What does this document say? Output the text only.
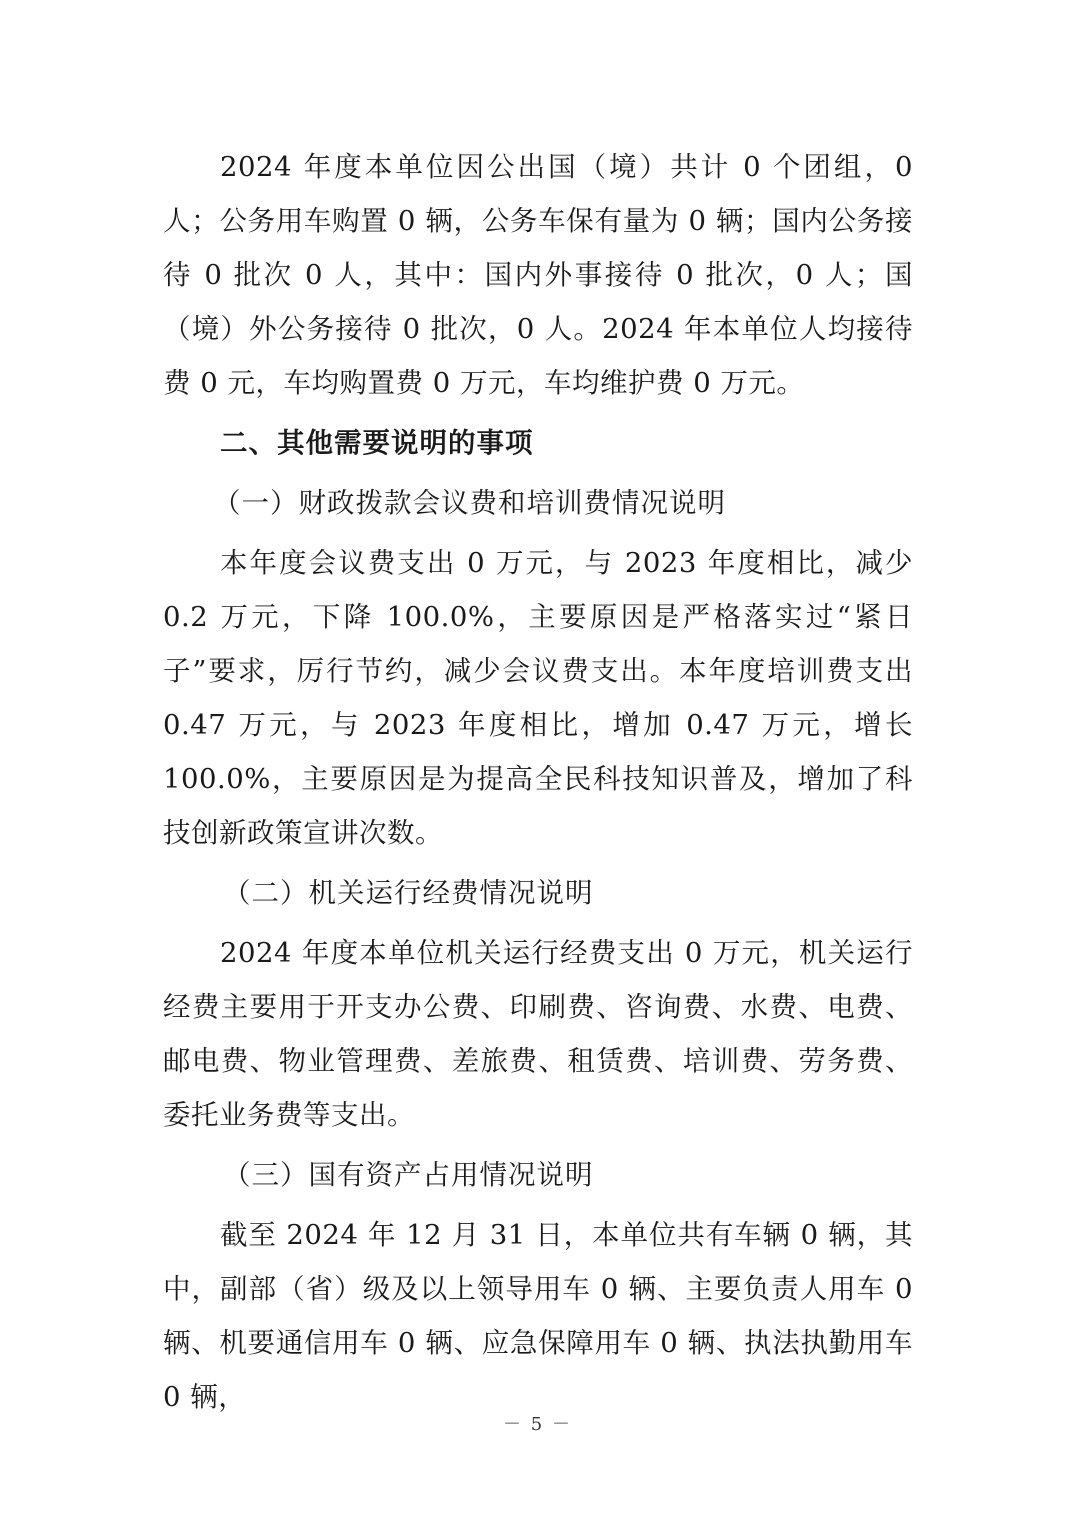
2024 年度本单位因公出国（境）共计 0 个团组，0 人；公务用车购置 0 辆，公务车保有量为 0 辆；国内公务接待 0 批次 0 人，其中：国内外事接待 0 批次，0 人；国（境）外公务接待 0 批次，0 人。2024 年本单位人均接待费 0 元，车均购置费 0 万元，车均维护费 0 万元。

二、其他需要说明的事项

（一）财政拨款会议费和培训费情况说明

本年度会议费支出 0 万元，与 2023 年度相比，减少 0.2 万元，下降 100.0%，主要原因是严格落实过“紧日子”要求，厉行节约，减少会议费支出。本年度培训费支出 0.47 万元，与 2023 年度相比，增加 0.47 万元，增长 100.0%，主要原因是为提高全民科技知识普及，增加了科技创新政策宣讲次数。

（二）机关运行经费情况说明

2024 年度本单位机关运行经费支出 0 万元，机关运行经费主要用于开支办公费、印刷费、咨询费、水费、电费、邮电费、物业管理费、差旅费、租赁费、培训费、劳务费、委托业务费等支出。

（三）国有资产占用情况说明

截至 2024 年 12 月 31 日，本单位共有车辆 0 辆，其中，副部（省）级及以上领导用车 0 辆、主要负责人用车 0 辆、机要通信用车 0 辆、应急保障用车 0 辆、执法执勤用车 0 辆，

－ 5 －
